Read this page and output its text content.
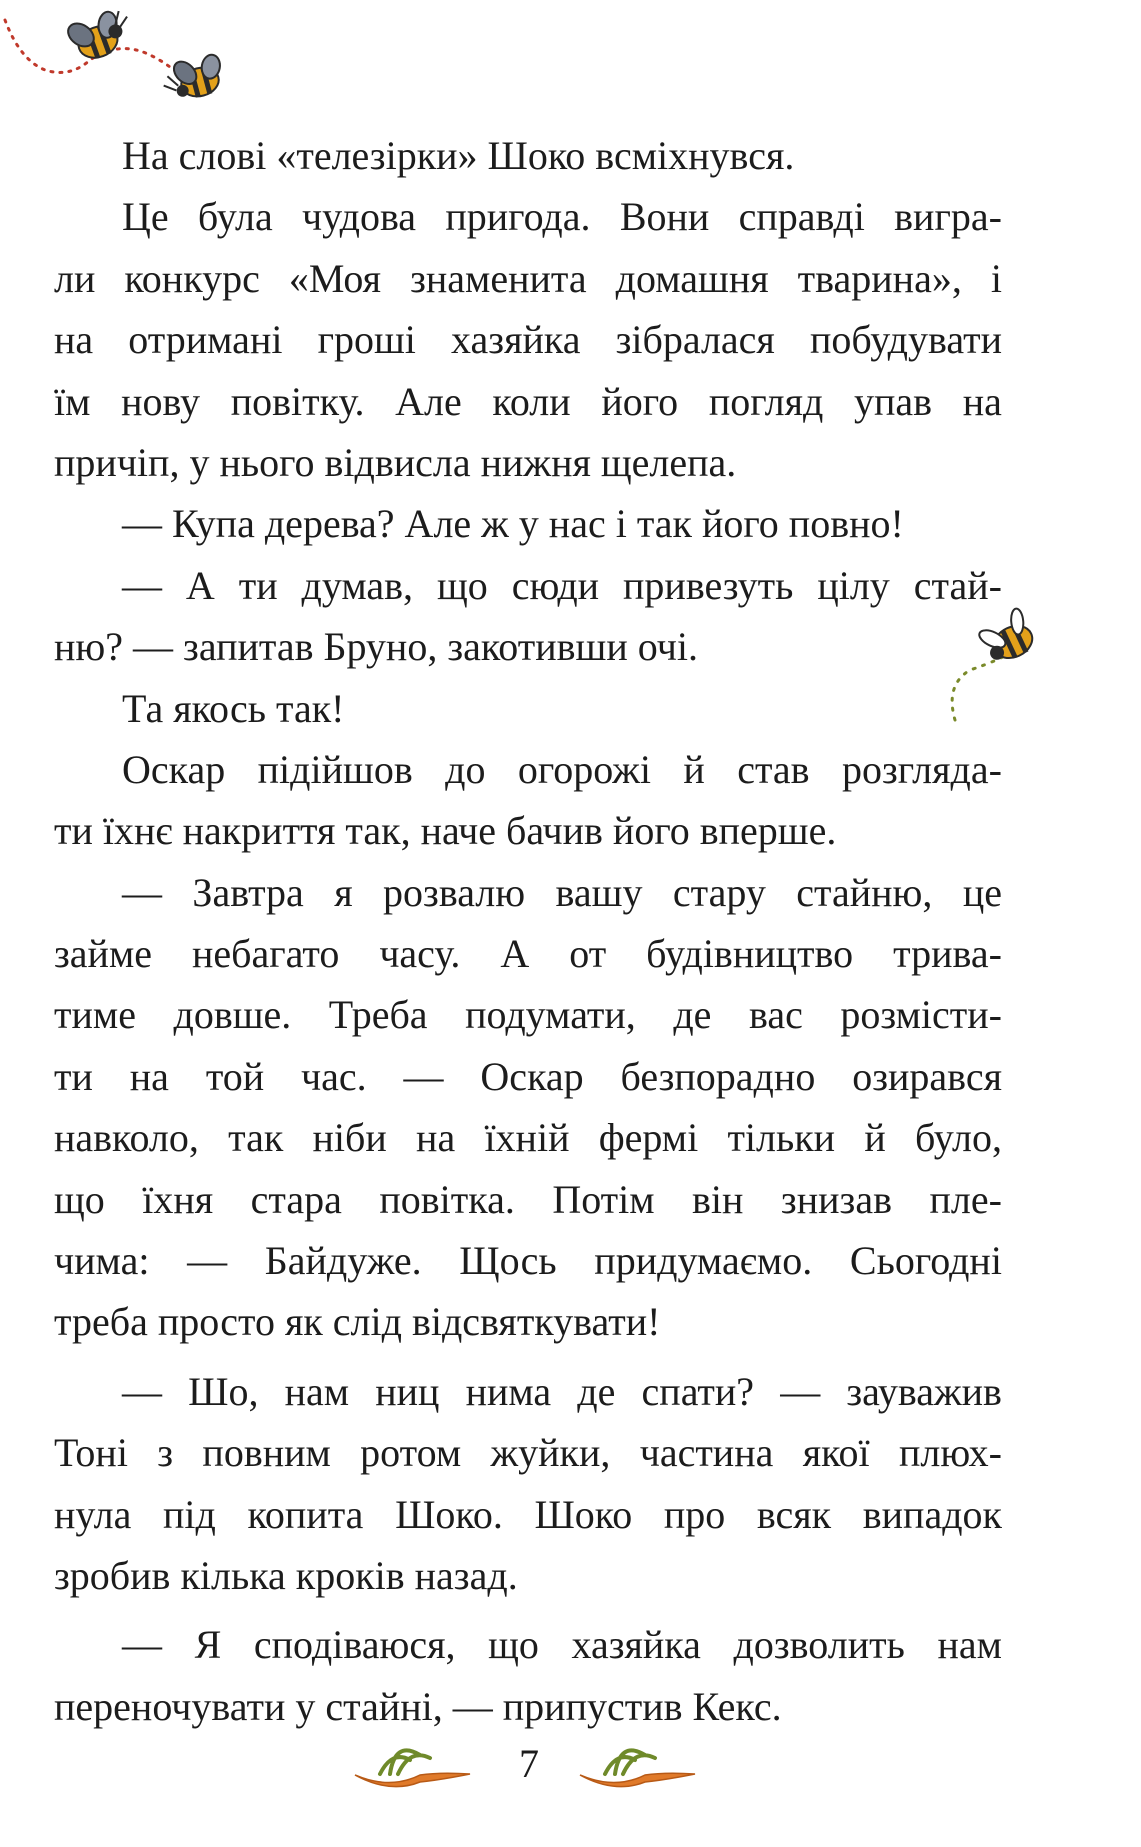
На слові «телезірки» Шоко всміхнувся.
Це була чудова пригода. Вони справді вигра-
ли конкурс «Моя знаменита домашня тварина», і
на отримані гроші хазяйка зібралася побудувати
їм нову повітку. Але коли його погляд упав на
причіп, у нього відвисла нижня щелепа.
— Купа дерева? Але ж у нас і так його повно!
— А ти думав, що сюди привезуть цілу стай-
ню? — запитав Бруно, закотивши очі.
Та якось так!
Оскар підійшов до огорожі й став розгляда-
ти їхнє накриття так, наче бачив його вперше.
— Завтра я розвалю вашу стару стайню, це
займе небагато часу. А от будівництво трива-
тиме довше. Треба подумати, де вас розмісти-
ти на той час. — Оскар безпорадно озирався
навколо, так ніби на їхній фермі тільки й було,
що їхня стара повітка. Потім він знизав пле-
чима: — Байдуже. Щось придумаємо. Сьогодні
треба просто як слід відсвяткувати!
— Шо, нам ниц нима де спати? — зауважив
Тоні з повним ротом жуйки, частина якої плюх-
нула під копита Шоко. Шоко про всяк випадок
зробив кілька кроків назад.
— Я сподіваюся, що хазяйка дозволить нам
переночувати у стайні, — припустив Кекс.
7
